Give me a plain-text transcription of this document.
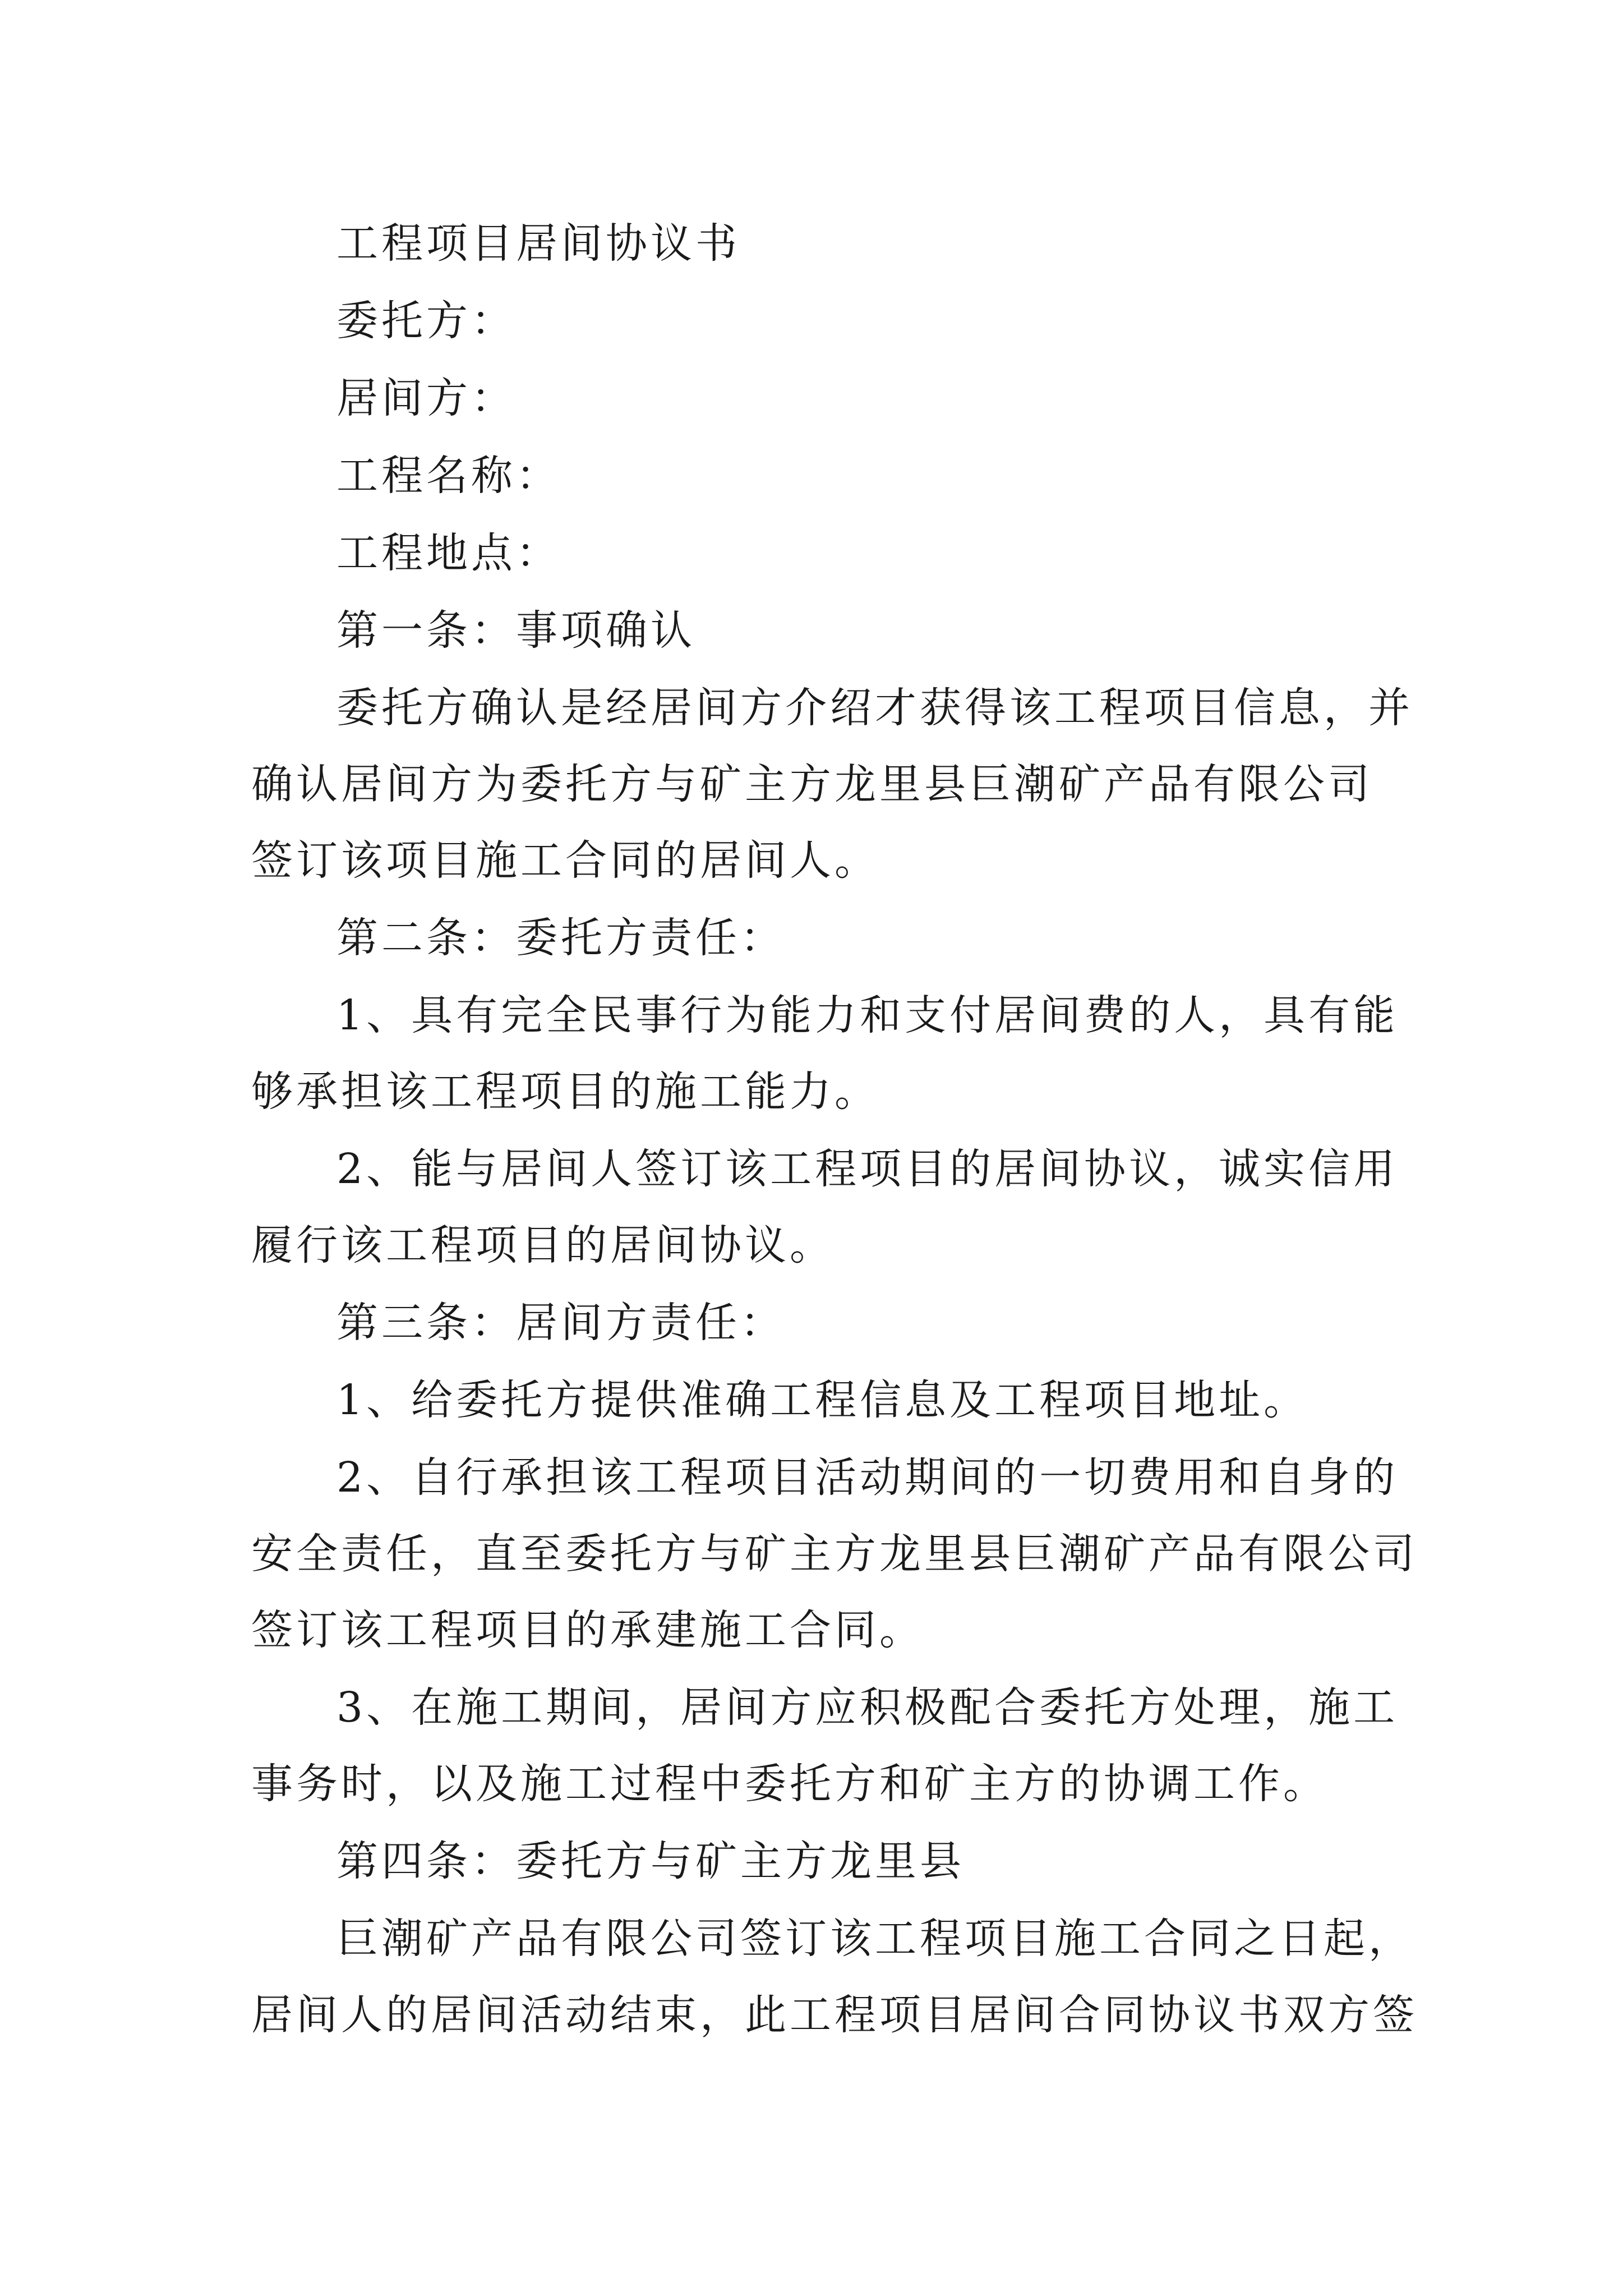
工程项目居间协议书
委托方：
居间方：
工程名称：
工程地点：
第一条：事项确认
委托方确认是经居间方介绍才获得该工程项目信息，并
确认居间方为委托方与矿主方龙里县巨潮矿产品有限公司
签订该项目施工合同的居间人。
第二条：委托方责任：
1、具有完全民事行为能力和支付居间费的人，具有能
够承担该工程项目的施工能力。
2、能与居间人签订该工程项目的居间协议，诚实信用
履行该工程项目的居间协议。
第三条：居间方责任：
1、给委托方提供准确工程信息及工程项目地址。
2、自行承担该工程项目活动期间的一切费用和自身的
安全责任，直至委托方与矿主方龙里县巨潮矿产品有限公司
签订该工程项目的承建施工合同。
3、在施工期间，居间方应积极配合委托方处理，施工
事务时，以及施工过程中委托方和矿主方的协调工作。
第四条：委托方与矿主方龙里县
巨潮矿产品有限公司签订该工程项目施工合同之日起，
居间人的居间活动结束，此工程项目居间合同协议书双方签
